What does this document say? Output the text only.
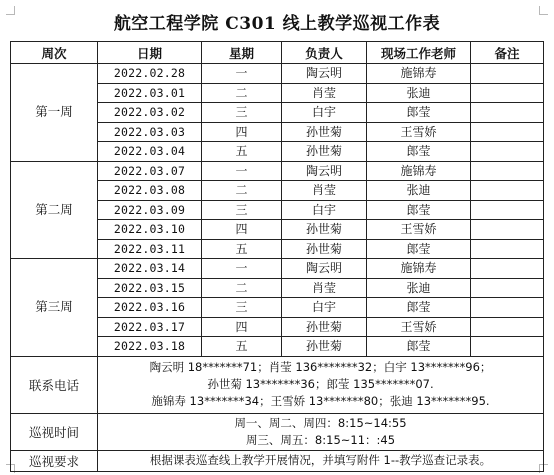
航空工程学院 C301 线上教学巡视工作表
周次	日期	星期	负责人	现场工作老师	备注
第一周	2022.02.28	一	陶云明	施锦寿	
	2022.03.01	二	肖莹	张迪	
	2022.03.02	三	白宇	郎莹	
	2022.03.03	四	孙世菊	王雪娇	
	2022.03.04	五	孙世菊	郎莹	
第二周	2022.03.07	一	陶云明	施锦寿	
	2022.03.08	二	肖莹	张迪	
	2022.03.09	三	白宇	郎莹	
	2022.03.10	四	孙世菊	王雪娇	
	2022.03.11	五	孙世菊	郎莹	
第三周	2022.03.14	一	陶云明	施锦寿	
	2022.03.15	二	肖莹	张迪	
	2022.03.16	三	白宇	郎莹	
	2022.03.17	四	孙世菊	王雪娇	
	2022.03.18	五	孙世菊	郎莹	
联系电话	陶云明 18*******71；肖莹 136*******32；白宇 13*******96；
孙世菊 13*******36；郎莹 135*******07.
施锦寿 13*******34；王雪娇 13*******80；张迪 13*******95.				

巡视时间	周一、周二、周四：8:15~14:55
周三、周五：8:15~11：:45				

巡视要求	根据课表巡查线上教学开展情况，并填写附件 1--教学巡查记录表。				
